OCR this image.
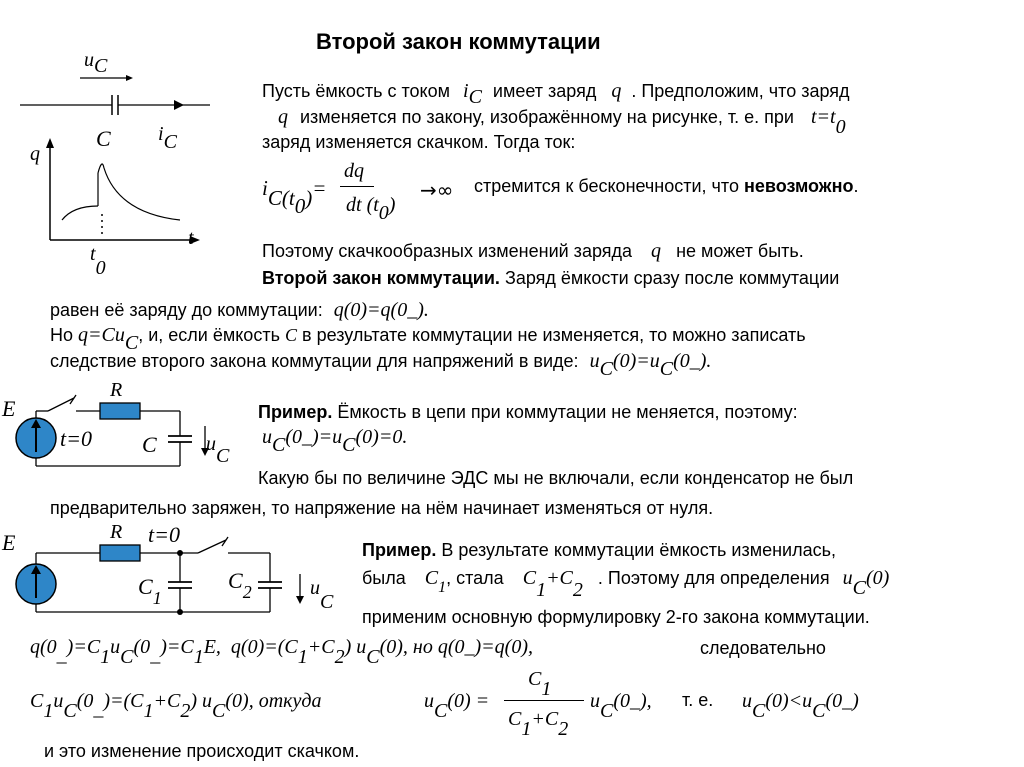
Второй закон коммутации
uC
C iC
q
t
t0
Пусть ёмкость с током iC имеет заряд q . Предположим, что заряд
q изменяется по закону, изображённому на рисунке, т. е. при t=t0
заряд изменяется скачком. Тогда ток:
iC(t0)=
dq
dt (t0)
→∞ стремится к бесконечности, что невозможно.
Поэтому скачкообразных изменений заряда q не может быть.
Второй закон коммутации. Заряд ёмкости сразу после коммутации
равен её заряду до коммутации: q(0)=q(0_).
Но q=CuC, и, если ёмкость C в результате коммутации не изменяется, то можно записать
следствие второго закона коммутации для напряжений в виде: uC(0)=uC(0_).
E
R
t=0 C uC
Пример. Ёмкость в цепи при коммутации не меняется, поэтому:
uC(0_)=uC(0)=0.
Какую бы по величине ЭДС мы не включали, если конденсатор не был
предварительно заряжен, то напряжение на нём начинает изменяться от нуля.
E	R t=0
$C_1$
$C_2$	uC
Пример. В результате коммутации ёмкость изменилась,
была $C_1$, стала C1+C2 . Поэтому для определения uC(0)
применим основную формулировку 2-го закона коммутации.
q(0_)=C1uC(0_)=C1E,  q(0)=(C1+C2) uC(0), но q(0_)=q(0),	следовательно
C1uC(0_)=(C1+C2) uC(0), откуда	uC(0) =
C1
C1+C2
uC(0_), т. е. uC(0)<uC(0_)
и это изменение происходит скачком.
